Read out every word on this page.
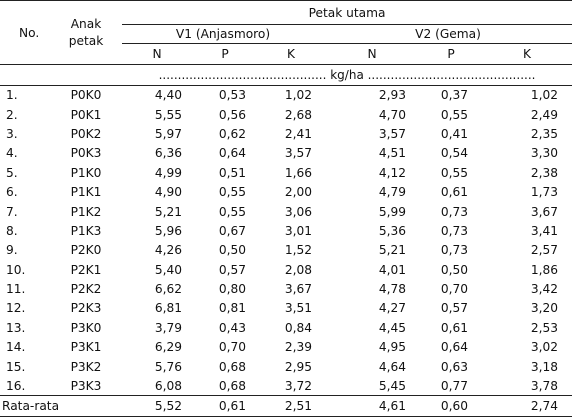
No.	Anak
petak	Petak utama					
		V1 (Anjasmoro)			V2 (Gema)		
		N	P	K	N	P	K
		............................................ kg/ha ............................................					
1.	P0K0	4,40	0,53	1,02	2,93	0,37	1,02
2.	P0K1	5,55	0,56	2,68	4,70	0,55	2,49
3.	P0K2	5,97	0,62	2,41	3,57	0,41	2,35
4.	P0K3	6,36	0,64	3,57	4,51	0,54	3,30
5.	P1K0	4,99	0,51	1,66	4,12	0,55	2,38
6.	P1K1	4,90	0,55	2,00	4,79	0,61	1,73
7.	P1K2	5,21	0,55	3,06	5,99	0,73	3,67
8.	P1K3	5,96	0,67	3,01	5,36	0,73	3,41
9.	P2K0	4,26	0,50	1,52	5,21	0,73	2,57
10.	P2K1	5,40	0,57	2,08	4,01	0,50	1,86
11.	P2K2	6,62	0,80	3,67	4,78	0,70	3,42
12.	P2K3	6,81	0,81	3,51	4,27	0,57	3,20
13.	P3K0	3,79	0,43	0,84	4,45	0,61	2,53
14.	P3K1	6,29	0,70	2,39	4,95	0,64	3,02
15.	P3K2	5,76	0,68	2,95	4,64	0,63	3,18
16.	P3K3	6,08	0,68	3,72	5,45	0,77	3,78
Rata-rata		5,52	0,61	2,51	4,61	0,60	2,74
